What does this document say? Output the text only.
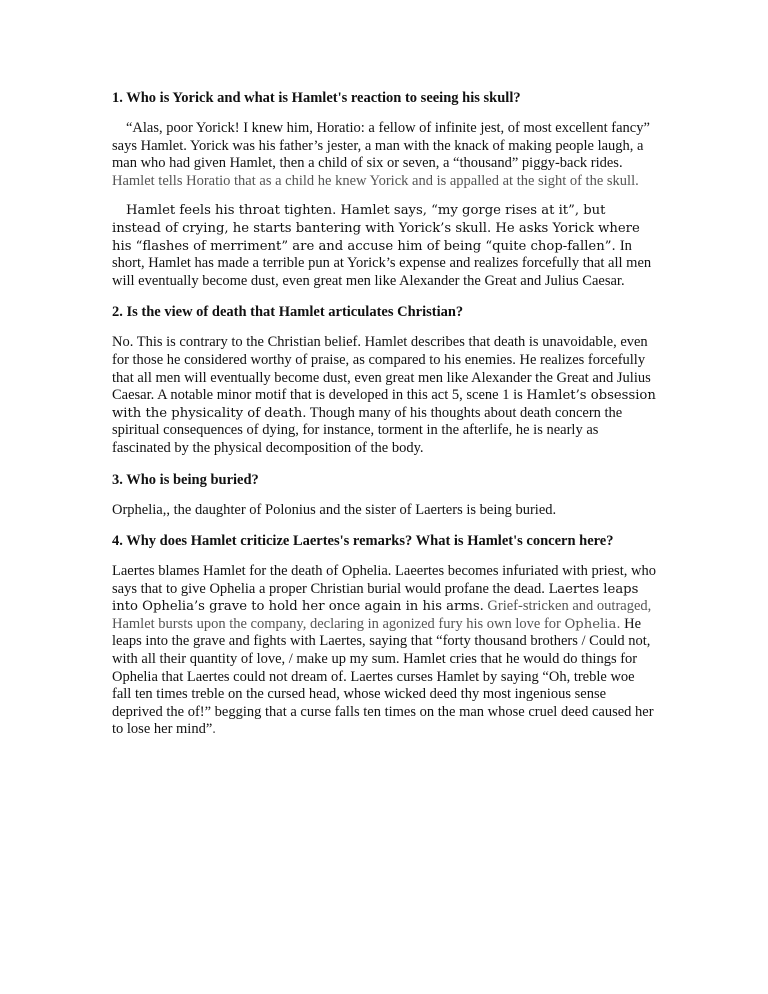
1. Who is Yorick and what is Hamlet's reaction to seeing his skull?

“Alas, poor Yorick! I knew him, Horatio: a fellow of infinite jest, of most excellent fancy” says Hamlet. Yorick was his father’s jester, a man with the knack of making people laugh, a man who had given Hamlet, then a child of six or seven, a “thousand” piggy-back rides. Hamlet tells Horatio that as a child he knew Yorick and is appalled at the sight of the skull.

Hamlet feels his throat tighten. Hamlet says, “my gorge rises at it”, but instead of crying, he starts bantering with Yorick’s skull. He asks Yorick where his “flashes of merriment” are and accuse him of being “quite chop-fallen”. In short, Hamlet has made a terrible pun at Yorick’s expense and realizes forcefully that all men will eventually become dust, even great men like Alexander the Great and Julius Caesar.

2. Is the view of death that Hamlet articulates Christian?

No. This is contrary to the Christian belief. Hamlet describes that death is unavoidable, even for those he considered worthy of praise, as compared to his enemies. He realizes forcefully that all men will eventually become dust, even great men like Alexander the Great and Julius Caesar. A notable minor motif that is developed in this act 5, scene 1 is Hamlet’s obsession with the physicality of death. Though many of his thoughts about death concern the spiritual consequences of dying, for instance, torment in the afterlife, he is nearly as fascinated by the physical decomposition of the body.

3. Who is being buried?

Orphelia,, the daughter of Polonius and the sister of Laerters is being buried.

4. Why does Hamlet criticize Laertes's remarks? What is Hamlet's concern here?

Laertes blames Hamlet for the death of Ophelia. Laeertes becomes infuriated with priest, who says that to give Ophelia a proper Christian burial would profane the dead. Laertes leaps into Ophelia’s grave to hold her once again in his arms. Grief-stricken and outraged, Hamlet bursts upon the company, declaring in agonized fury his own love for Ophelia. He leaps into the grave and fights with Laertes, saying that “forty thousand brothers / Could not, with all their quantity of love, / make up my sum. Hamlet cries that he would do things for Ophelia that Laertes could not dream of. Laertes curses Hamlet by saying “Oh, treble woe fall ten times treble on the cursed head, whose wicked deed thy most ingenious sense deprived the of!” begging that a curse falls ten times on the man whose cruel deed caused her to lose her mind”.
